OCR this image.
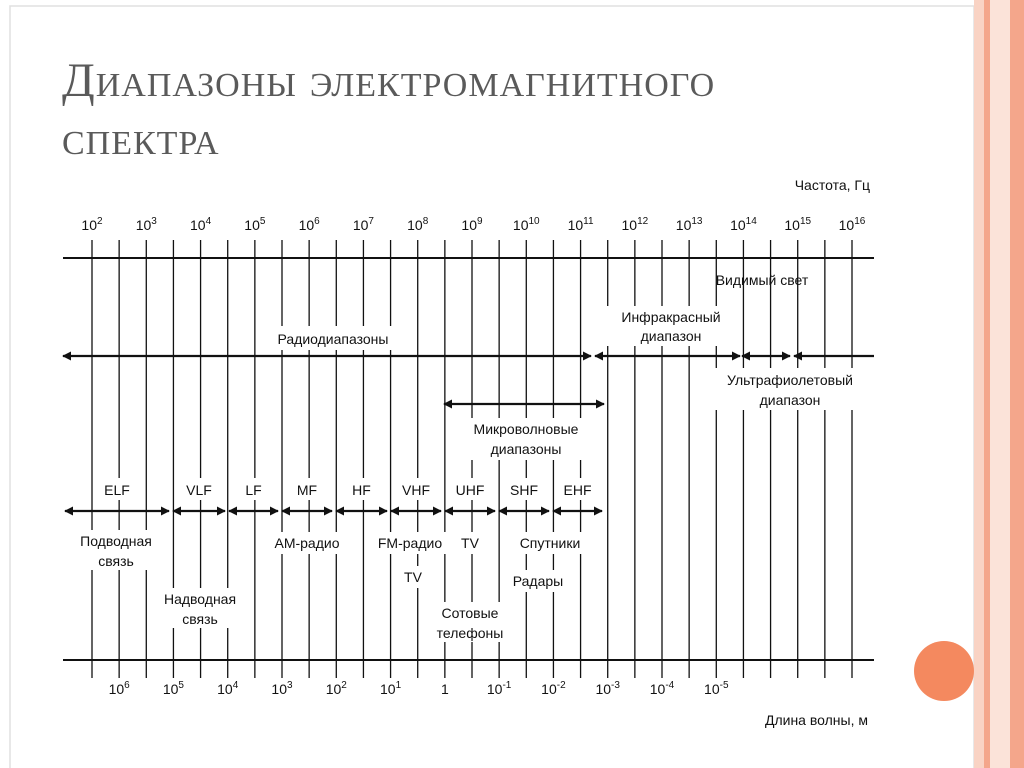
Диапазоны электромагнитного
спектра
Частота, Гц
Длина волны, м
$10^2$ $10^3$ $10^4$ $10^5$ $10^6$ $10^7$ $10^8$ $10^9$ $10^{10}$ $10^{11}$ $10^{12}$ $10^{13}$ $10^{14}$ $10^{15}$ $10^{16}$
$10^6$ $10^5$ $10^4$ $10^3$ $10^2$ $10^1$	1	$10^{-1}$ $10^{-2}$ $10^{-3}$ $10^{-4}$ $10^{-5}$
Радиодиапазоны
Видимый свет
Инфракрасный
диапазон
Ультрафиолетовый
диапазон
Микроволновые
диапазоны
ELF	VLF LF	MF	HF VHF UHF SHF EHF
Подводная
связь
Надводная
связь
AM-радио	FM-радио TV
TV
Сотовые
телефоны
Спутники
Радары
